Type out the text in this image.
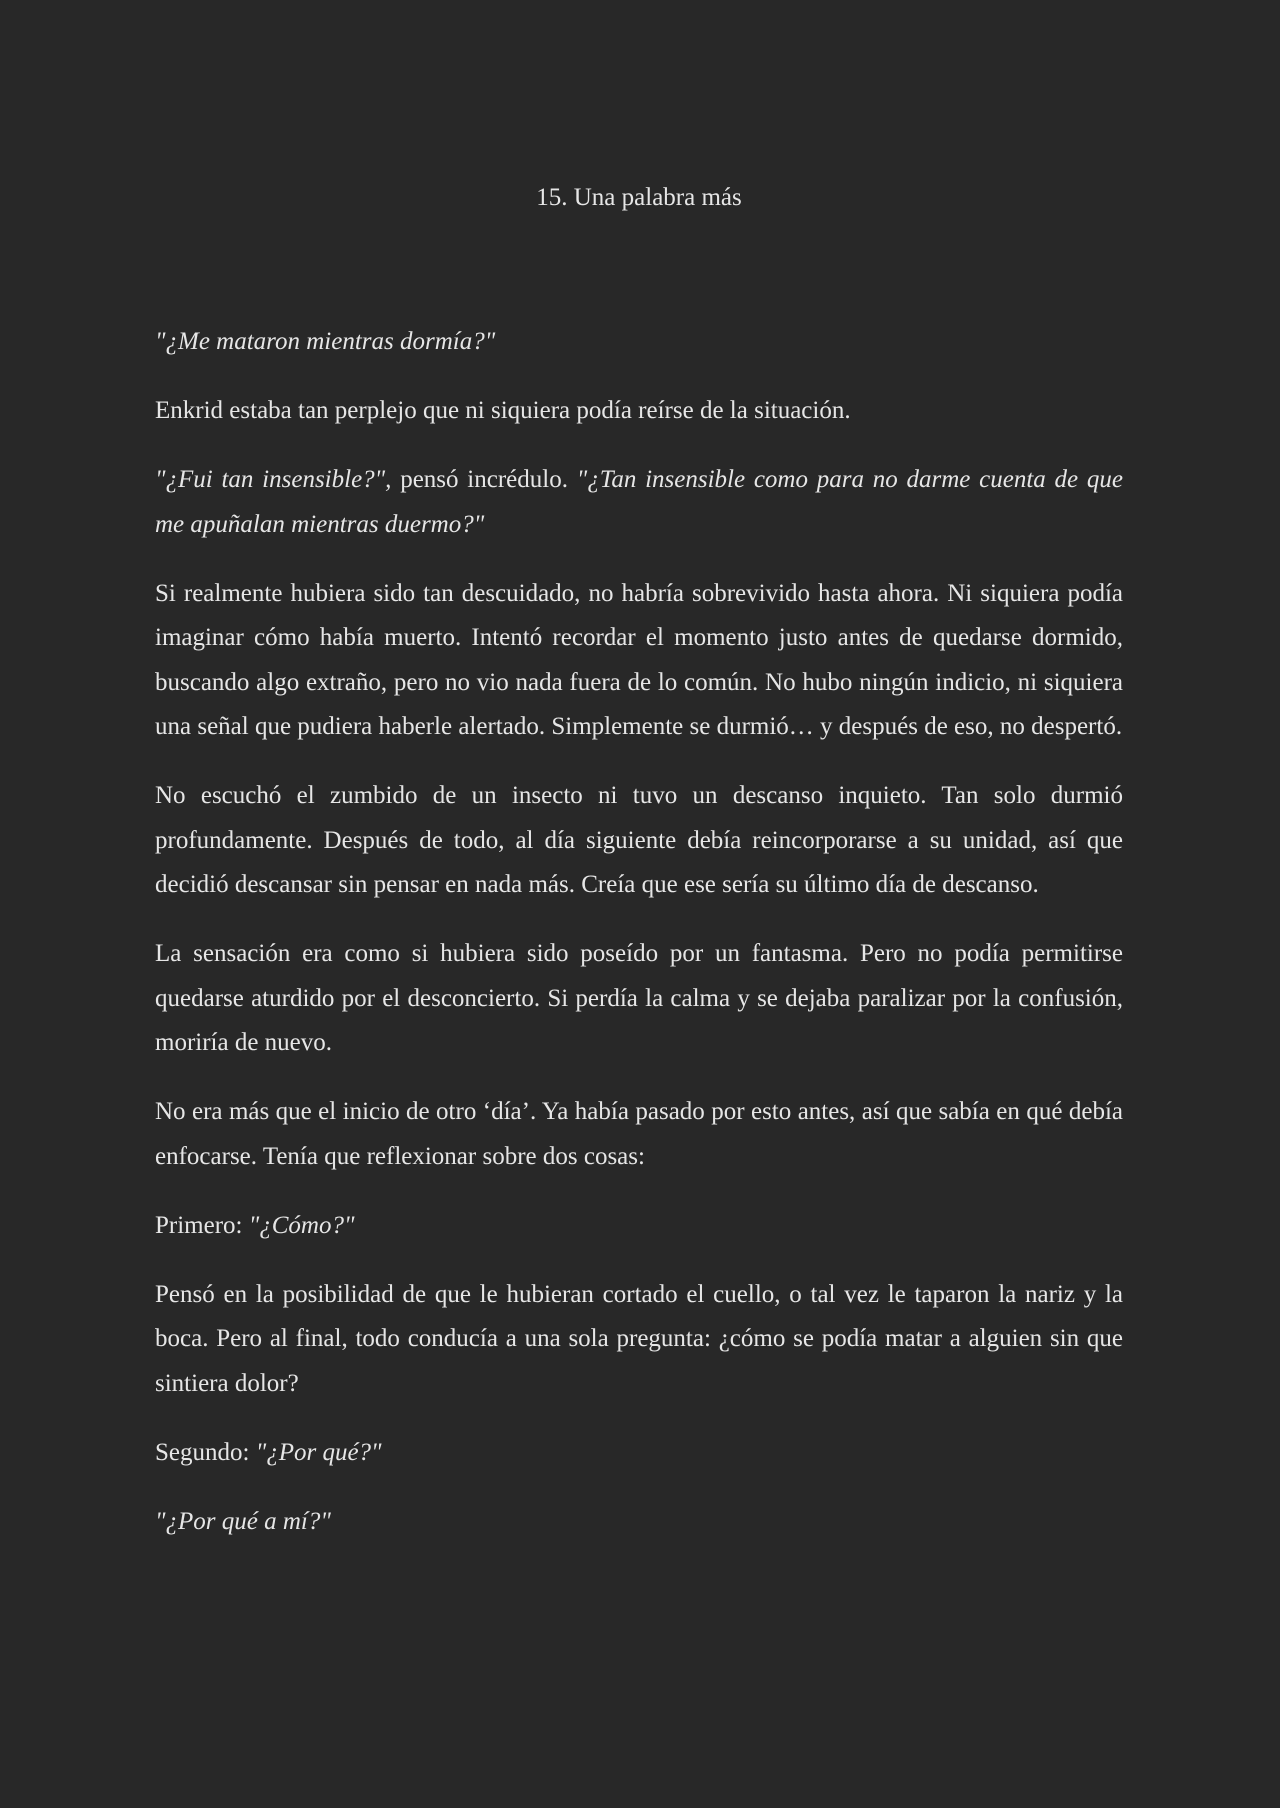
15. Una palabra más

"¿Me mataron mientras dormía?"

Enkrid estaba tan perplejo que ni siquiera podía reírse de la situación.

"¿Fui tan insensible?", pensó incrédulo. "¿Tan insensible como para no darme cuenta de que me apuñalan mientras duermo?"

Si realmente hubiera sido tan descuidado, no habría sobrevivido hasta ahora. Ni siquiera podía imaginar cómo había muerto. Intentó recordar el momento justo antes de quedarse dormido, buscando algo extraño, pero no vio nada fuera de lo común. No hubo ningún indicio, ni siquiera una señal que pudiera haberle alertado. Simplemente se durmió… y después de eso, no despertó.

No escuchó el zumbido de un insecto ni tuvo un descanso inquieto. Tan solo durmió profundamente. Después de todo, al día siguiente debía reincorporarse a su unidad, así que decidió descansar sin pensar en nada más. Creía que ese sería su último día de descanso.

La sensación era como si hubiera sido poseído por un fantasma. Pero no podía permitirse quedarse aturdido por el desconcierto. Si perdía la calma y se dejaba paralizar por la confusión, moriría de nuevo.

No era más que el inicio de otro ‘día’. Ya había pasado por esto antes, así que sabía en qué debía enfocarse. Tenía que reflexionar sobre dos cosas:

Primero: "¿Cómo?"

Pensó en la posibilidad de que le hubieran cortado el cuello, o tal vez le taparon la nariz y la boca. Pero al final, todo conducía a una sola pregunta: ¿cómo se podía matar a alguien sin que sintiera dolor?

Segundo: "¿Por qué?"

"¿Por qué a mí?"
